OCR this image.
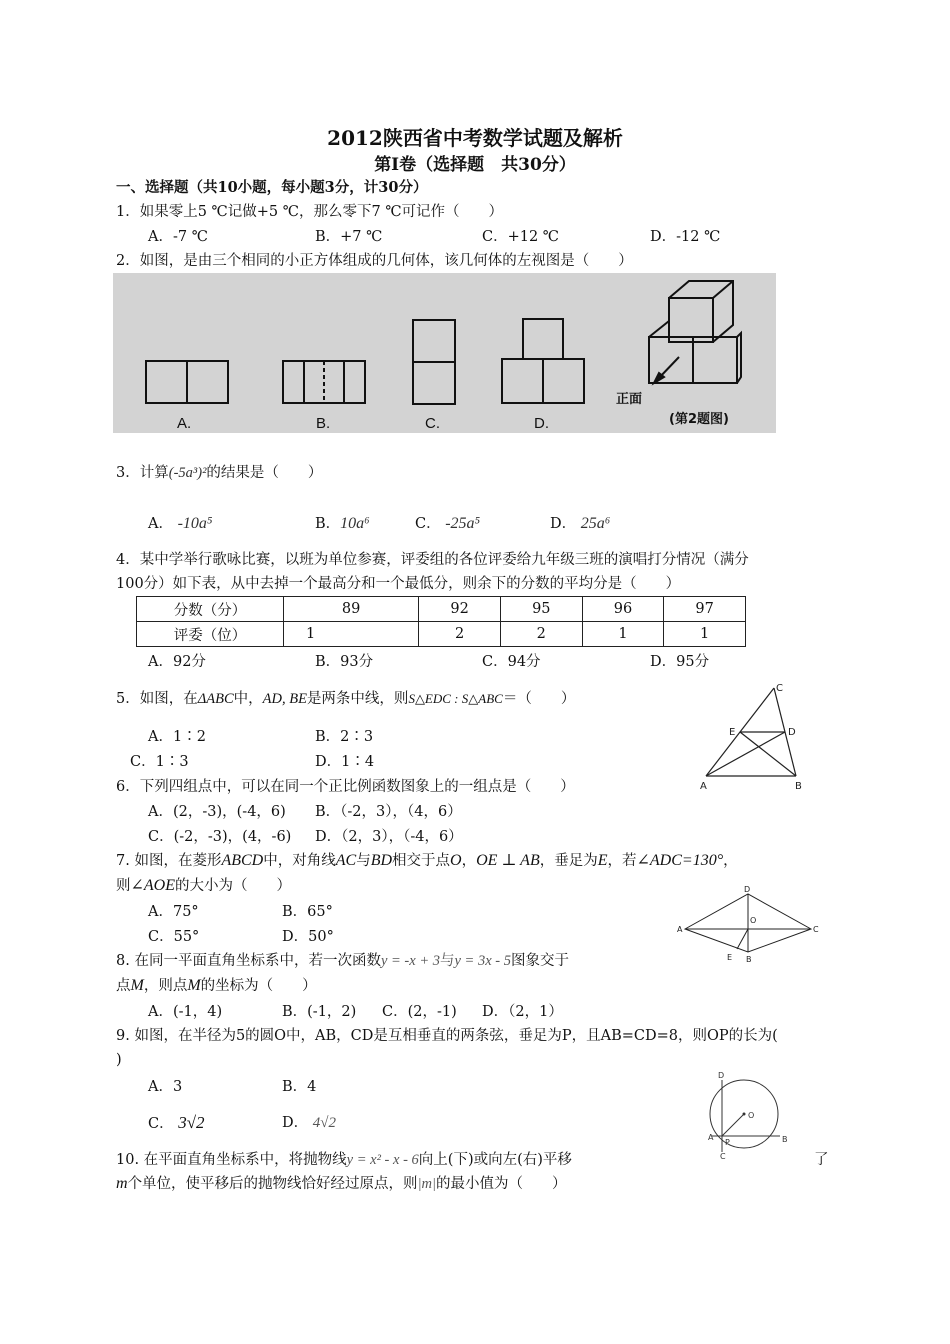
2012陕西省中考数学试题及解析
第Ⅰ卷（选择题　共30分）
一、选择题（共10小题，每小题3分，计30分）
1．如果零上5 ℃记做+5 ℃，那么零下7 ℃可记作（　　）
A．-7 ℃	B．+7 ℃	C．+12 ℃	D．-12 ℃
2．如图，是由三个相同的小正方体组成的几何体，该几何体的左视图是（　　）
A.	B.	C.	D.
正面
(第2题图)
3．计算(-5a³)²的结果是（　　）
A． -10a⁵	B．10a⁶	C． -25a⁵	D． 25a⁶
4．某中学举行歌咏比赛，以班为单位参赛，评委组的各位评委给九年级三班的演唱打分情况（满分
100分）如下表，从中去掉一个最高分和一个最低分，则余下的分数的平均分是（　　）
分数（分）	89	92	95	96	97
评委（位）	1	2	2	1	1
A．92分	B．93分	C．94分	D．95分
5．如图，在ΔABC中，AD, BE是两条中线，则S△EDC : S△ABC＝（　　）
A．1∶2	B．2∶3
C．1∶3	D．1∶4
C
E	D
A	B
6．下列四组点中，可以在同一个正比例函数图象上的一组点是（　　）
A．(2，-3)，(-4，6) B．（-2，3），（4，6）
C．(-2，-3)，(4，-6) D．（2，3），（-4，6）
7. 如图，在菱形ABCD中，对角线AC与BD相交于点O，OE ⊥ AB，垂足为E，若∠ADC=130°，
则∠AOE的大小为（　　）
A．75°	B．65°
C．55°	D．50°
D
A
O
C
E B
8. 在同一平面直角坐标系中，若一次函数y = -x + 3与y = 3x - 5图象交于
点M，则点M的坐标为（　　）
A．(-1，4)	B．(-1，2) C．(2，-1) D．（2，1）
9. 如图，在半径为5的圆O中，AB，CD是互相垂直的两条弦，垂足为P，且AB=CD=8，则OP的长为(
)
A．3	B．4
C． 3√2	D． 4√2
D
O
A
P	B
C
10. 在平面直角坐标系中，将抛物线y = x² - x - 6向上(下)或向左(右)平移	了
m个单位，使平移后的抛物线恰好经过原点，则|m|的最小值为（　　）
